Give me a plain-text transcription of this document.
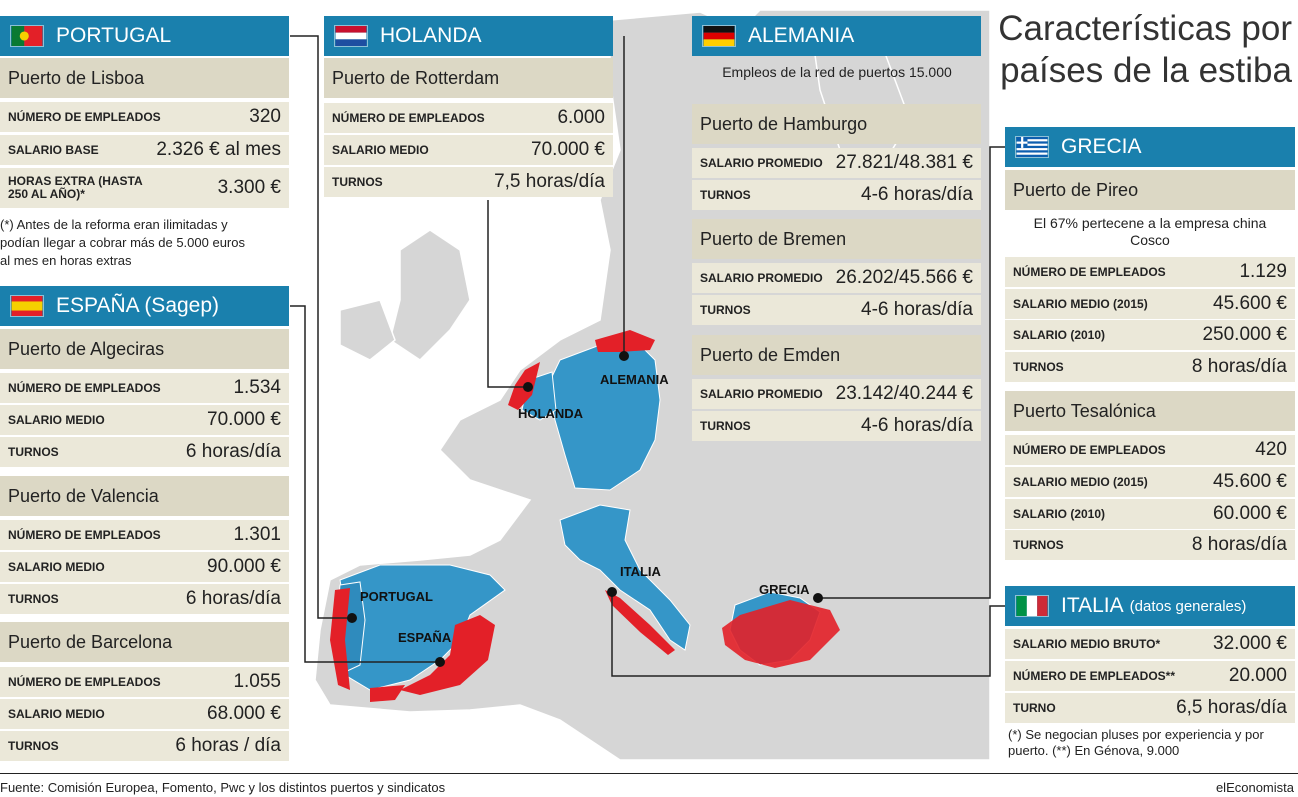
PORTUGAL
ESPAÑA
HOLANDA
ALEMANIA
ITALIA
GRECIA
Características por países de la estiba
PORTUGAL
Puerto de Lisboa
NÚMERO DE EMPLEADOS	320
SALARIO BASE	2.326 € al mes
HORAS EXTRA (HASTA 250 AL AÑO)*	3.300 €
(*) Antes de la reforma eran ilimitadas y podían llegar a cobrar más de 5.000 euros al mes en horas extras
ESPAÑA (Sagep)
Puerto de Algeciras
NÚMERO DE EMPLEADOS	1.534
SALARIO MEDIO	70.000 €
TURNOS	6 horas/día
Puerto de Valencia
NÚMERO DE EMPLEADOS	1.301
SALARIO MEDIO	90.000 €
TURNOS	6 horas/día
Puerto de Barcelona
NÚMERO DE EMPLEADOS	1.055
SALARIO MEDIO	68.000 €
TURNOS	6 horas / día
HOLANDA
Puerto de Rotterdam
NÚMERO DE EMPLEADOS	6.000
SALARIO MEDIO	70.000 €
TURNOS	7,5 horas/día
ALEMANIA
Empleos de la red de puertos 15.000
Puerto de Hamburgo
SALARIO PROMEDIO 27.821/48.381 €
TURNOS	4-6 horas/día
Puerto de Bremen
SALARIO PROMEDIO 26.202/45.566 €
TURNOS	4-6 horas/día
Puerto de Emden
SALARIO PROMEDIO 23.142/40.244 €
TURNOS	4-6 horas/día
GRECIA
Puerto de Pireo
El 67% pertecene a la empresa china Cosco
NÚMERO DE EMPLEADOS	1.129
SALARIO MEDIO (2015)	45.600 €
SALARIO (2010)	250.000 €
TURNOS	8 horas/día
Puerto Tesalónica
NÚMERO DE EMPLEADOS	420
SALARIO MEDIO (2015)	45.600 €
SALARIO (2010)	60.000 €
TURNOS	8 horas/día
ITALIA (datos generales)
SALARIO MEDIO BRUTO*	32.000 €
NÚMERO DE EMPLEADOS**	20.000
TURNO	6,5 horas/día
(*) Se negocian pluses por experiencia y por puerto. (**) En Génova, 9.000
Fuente: Comisión Europea, Fomento, Pwc y los distintos puertos y sindicatos	elEconomista
